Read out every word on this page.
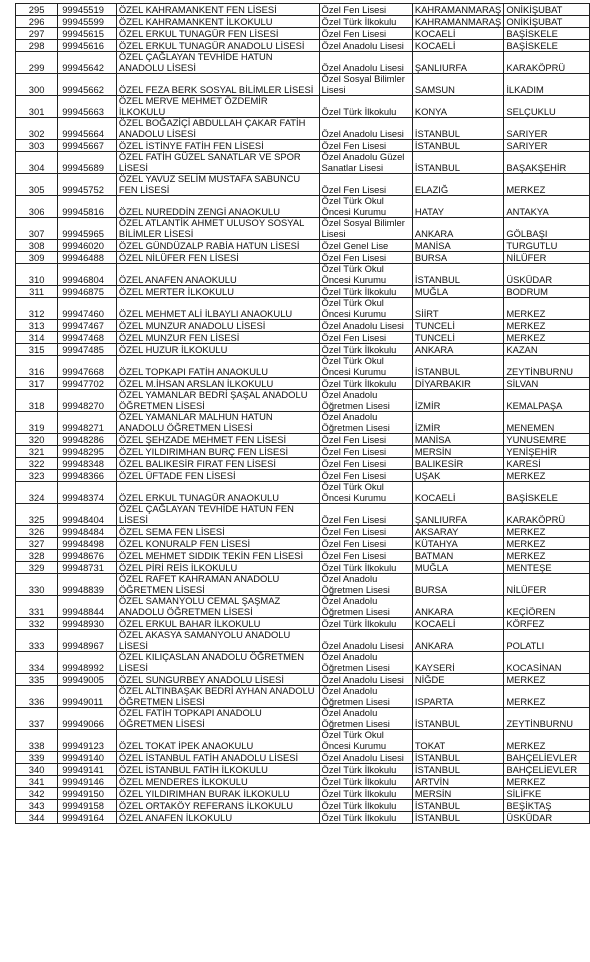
295	99945519	ÖZEL KAHRAMANKENT FEN LİSESİ	Özel Fen Lisesi	KAHRAMANMARAŞ	ONİKİŞUBAT
296	99945599	ÖZEL KAHRAMANKENT İLKOKULU	Özel Türk İlkokulu	KAHRAMANMARAŞ	ONİKİŞUBAT
297	99945615	ÖZEL ERKUL TUNAGÜR FEN LİSESİ	Özel Fen Lisesi	KOCAELİ	BAŞİSKELE
298	99945616	ÖZEL ERKUL TUNAGÜR ANADOLU LİSESİ	Özel Anadolu Lisesi	KOCAELİ	BAŞİSKELE
299	99945642	ÖZEL ÇAĞLAYAN TEVHİDE HATUN ANADOLU LİSESİ	Özel Anadolu Lisesi	ŞANLIURFA	KARAKÖPRÜ
300	99945662	ÖZEL FEZA BERK SOSYAL BİLİMLER LİSESİ	Özel Sosyal Bilimler Lisesi	SAMSUN	İLKADIM
301	99945663	ÖZEL MERVE MEHMET ÖZDEMİR İLKOKULU	Özel Türk İlkokulu	KONYA	SELÇUKLU
302	99945664	ÖZEL BOĞAZİÇİ ABDULLAH ÇAKAR FATİH ANADOLU LİSESİ	Özel Anadolu Lisesi	İSTANBUL	SARIYER
303	99945667	ÖZEL İSTİNYE FATİH FEN LİSESİ	Özel Fen Lisesi	İSTANBUL	SARIYER
304	99945689	ÖZEL FATİH GÜZEL SANATLAR VE SPOR LİSESİ	Özel Anadolu Güzel Sanatlar Lisesi	İSTANBUL	BAŞAKŞEHİR
305	99945752	ÖZEL YAVUZ SELİM MUSTAFA SABUNCU FEN LİSESİ	Özel Fen Lisesi	ELAZIĞ	MERKEZ
306	99945816	ÖZEL NUREDDİN ZENGİ ANAOKULU	Özel Türk Okul Öncesi Kurumu	HATAY	ANTAKYA
307	99945965	ÖZEL ATLANTİK AHMET ULUSOY SOSYAL BİLİMLER LİSESİ	Özel Sosyal Bilimler Lisesi	ANKARA	GÖLBAŞI
308	99946020	ÖZEL GÜNDÜZALP RABİA HATUN LİSESİ	Özel Genel Lise	MANİSA	TURGUTLU
309	99946488	ÖZEL NİLÜFER FEN LİSESİ	Özel Fen Lisesi	BURSA	NİLÜFER
310	99946804	ÖZEL ANAFEN ANAOKULU	Özel Türk Okul Öncesi Kurumu	İSTANBUL	ÜSKÜDAR
311	99946875	ÖZEL MERTER İLKOKULU	Özel Türk İlkokulu	MUĞLA	BODRUM
312	99947460	ÖZEL MEHMET ALİ İLBAYLI ANAOKULU	Özel Türk Okul Öncesi Kurumu	SİİRT	MERKEZ
313	99947467	ÖZEL MUNZUR ANADOLU LİSESİ	Özel Anadolu Lisesi	TUNCELİ	MERKEZ
314	99947468	ÖZEL MUNZUR FEN LİSESİ	Özel Fen Lisesi	TUNCELİ	MERKEZ
315	99947485	ÖZEL HUZUR İLKOKULU	Özel Türk İlkokulu	ANKARA	KAZAN
316	99947668	ÖZEL TOPKAPI FATİH ANAOKULU	Özel Türk Okul Öncesi Kurumu	İSTANBUL	ZEYTİNBURNU
317	99947702	ÖZEL M.İHSAN ARSLAN İLKOKULU	Özel Türk İlkokulu	DİYARBAKIR	SİLVAN
318	99948270	ÖZEL YAMANLAR BEDRİ ŞAŞAL ANADOLU ÖĞRETMEN LİSESİ	Özel Anadolu Öğretmen Lisesi	İZMİR	KEMALPAŞA
319	99948271	ÖZEL YAMANLAR MALHUN HATUN ANADOLU ÖĞRETMEN LİSESİ	Özel Anadolu Öğretmen Lisesi	İZMİR	MENEMEN
320	99948286	ÖZEL ŞEHZADE MEHMET FEN LİSESİ	Özel Fen Lisesi	MANİSA	YUNUSEMRE
321	99948295	ÖZEL YILDIRIMHAN BURÇ FEN LİSESİ	Özel Fen Lisesi	MERSİN	YENİŞEHİR
322	99948348	ÖZEL BALIKESİR FIRAT FEN LİSESİ	Özel Fen Lisesi	BALIKESİR	KARESİ
323	99948366	ÖZEL ÜFTADE FEN LİSESİ	Özel Fen Lisesi	UŞAK	MERKEZ
324	99948374	ÖZEL ERKUL TUNAGÜR ANAOKULU	Özel Türk Okul Öncesi Kurumu	KOCAELİ	BAŞİSKELE
325	99948404	ÖZEL ÇAĞLAYAN TEVHİDE HATUN FEN LİSESİ	Özel Fen Lisesi	ŞANLIURFA	KARAKÖPRÜ
326	99948484	ÖZEL SEMA FEN LİSESİ	Özel Fen Lisesi	AKSARAY	MERKEZ
327	99948498	ÖZEL KONURALP FEN LİSESİ	Özel Fen Lisesi	KÜTAHYA	MERKEZ
328	99948676	ÖZEL MEHMET SIDDIK TEKİN FEN LİSESİ	Özel Fen Lisesi	BATMAN	MERKEZ
329	99948731	ÖZEL PİRİ REİS İLKOKULU	Özel Türk İlkokulu	MUĞLA	MENTEŞE
330	99948839	ÖZEL RAFET KAHRAMAN ANADOLU ÖĞRETMEN LİSESİ	Özel Anadolu Öğretmen Lisesi	BURSA	NİLÜFER
331	99948844	ÖZEL SAMANYOLU CEMAL ŞAŞMAZ ANADOLU ÖĞRETMEN LİSESİ	Özel Anadolu Öğretmen Lisesi	ANKARA	KEÇİÖREN
332	99948930	ÖZEL ERKUL BAHAR İLKOKULU	Özel Türk İlkokulu	KOCAELİ	KÖRFEZ
333	99948967	ÖZEL AKASYA SAMANYOLU ANADOLU LİSESİ	Özel Anadolu Lisesi	ANKARA	POLATLI
334	99948992	ÖZEL KILIÇASLAN ANADOLU ÖĞRETMEN LİSESİ	Özel Anadolu Öğretmen Lisesi	KAYSERİ	KOCASİNAN
335	99949005	ÖZEL SUNGURBEY ANADOLU LİSESİ	Özel Anadolu Lisesi	NİĞDE	MERKEZ
336	99949011	ÖZEL ALTINBAŞAK BEDRİ AYHAN ANADOLU ÖĞRETMEN LİSESİ	Özel Anadolu Öğretmen Lisesi	ISPARTA	MERKEZ
337	99949066	ÖZEL FATİH TOPKAPI ANADOLU ÖĞRETMEN LİSESİ	Özel Anadolu Öğretmen Lisesi	İSTANBUL	ZEYTİNBURNU
338	99949123	ÖZEL TOKAT İPEK ANAOKULU	Özel Türk Okul Öncesi Kurumu	TOKAT	MERKEZ
339	99949140	ÖZEL İSTANBUL FATİH ANADOLU LİSESİ	Özel Anadolu Lisesi	İSTANBUL	BAHÇELİEVLER
340	99949141	ÖZEL İSTANBUL FATİH İLKOKULU	Özel Türk İlkokulu	İSTANBUL	BAHÇELİEVLER
341	99949146	ÖZEL MENDERES İLKOKULU	Özel Türk İlkokulu	ARTVİN	MERKEZ
342	99949150	ÖZEL YILDIRIMHAN BURAK İLKOKULU	Özel Türk İlkokulu	MERSİN	SİLİFKE
343	99949158	ÖZEL ORTAKÖY REFERANS İLKOKULU	Özel Türk İlkokulu	İSTANBUL	BEŞİKTAŞ
344	99949164	ÖZEL ANAFEN İLKOKULU	Özel Türk İlkokulu	İSTANBUL	ÜSKÜDAR
